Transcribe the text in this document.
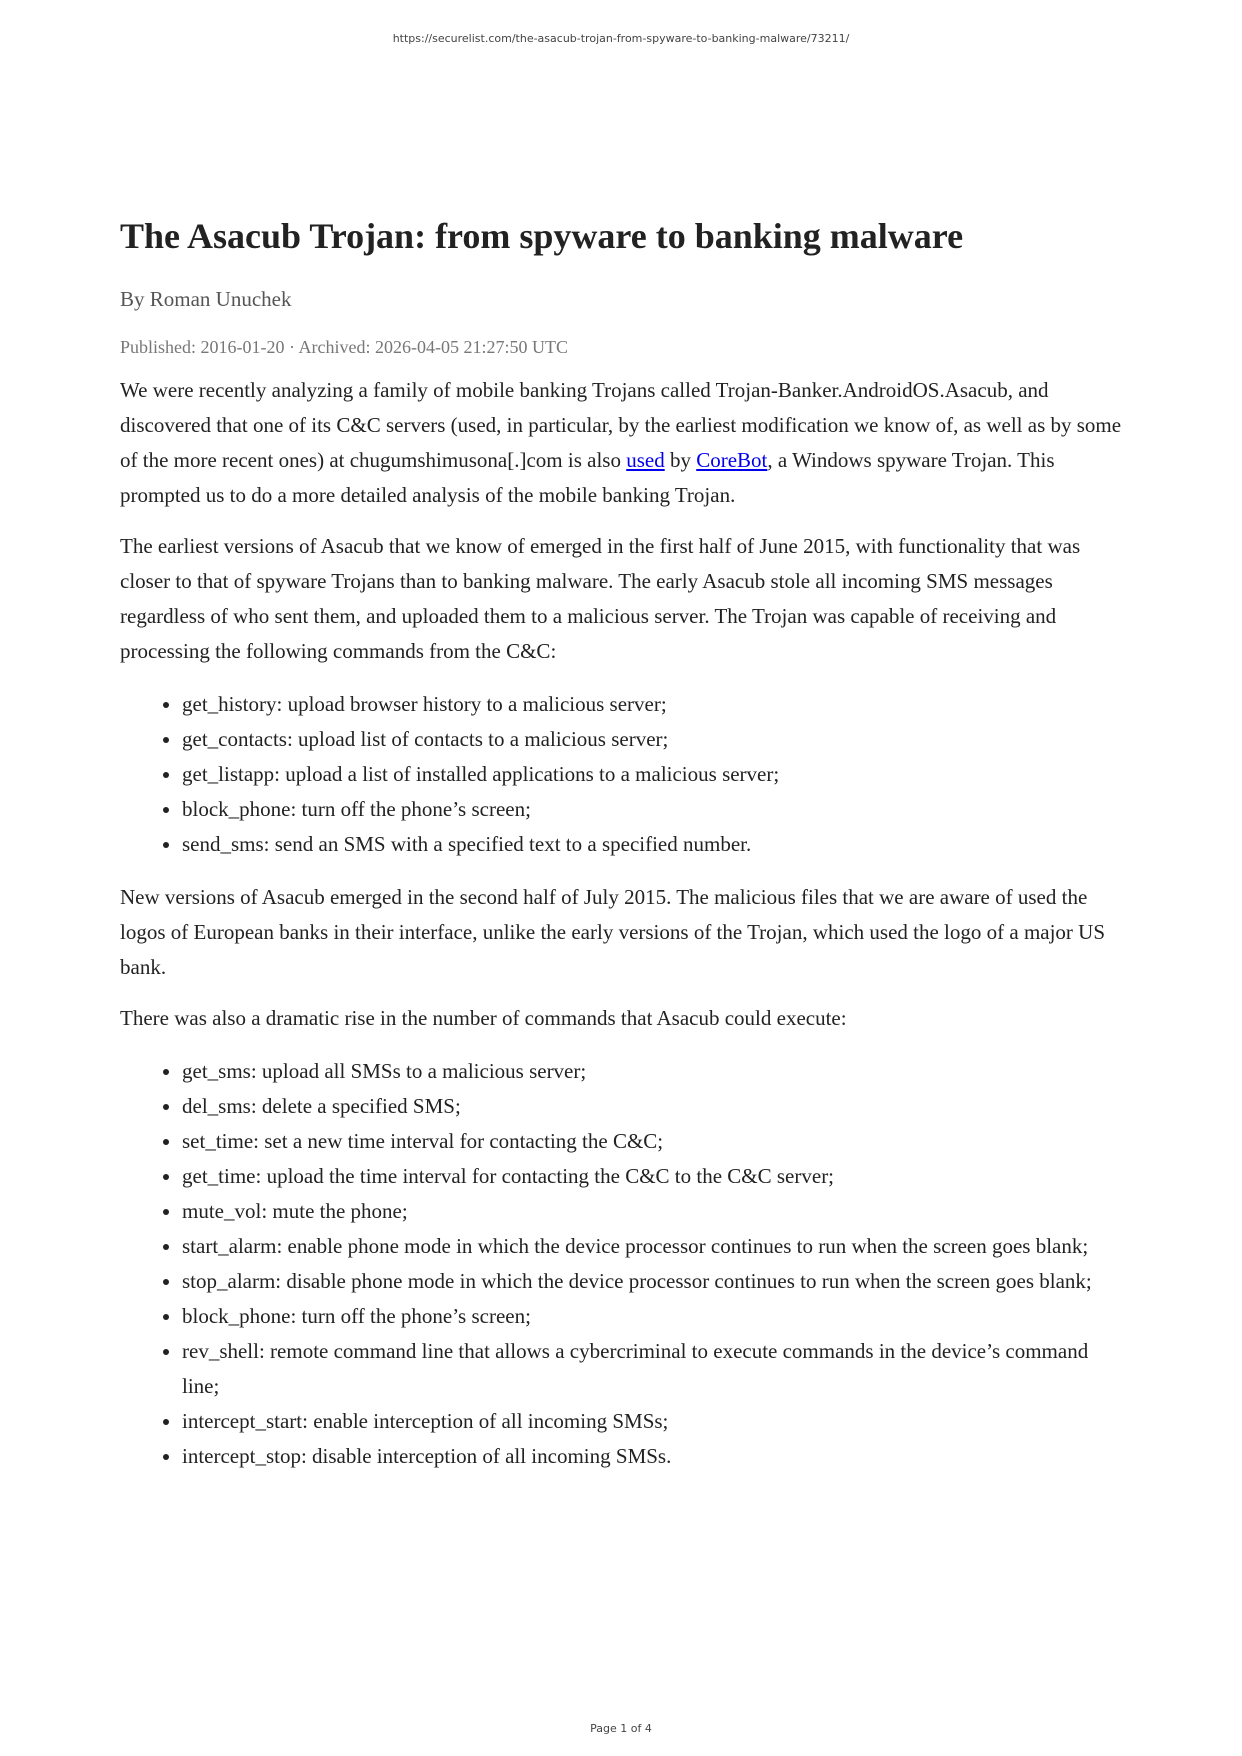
https://securelist.com/the-asacub-trojan-from-spyware-to-banking-malware/73211/
The Asacub Trojan: from spyware to banking malware
By Roman Unuchek
Published: 2016-01-20 · Archived: 2026-04-05 21:27:50 UTC

We were recently analyzing a family of mobile banking Trojans called Trojan-Banker.AndroidOS.Asacub, and discovered that one of its C&C servers (used, in particular, by the earliest modification we know of, as well as by some of the more recent ones) at chugumshimusona[.]com is also used by CoreBot, a Windows spyware Trojan. This prompted us to do a more detailed analysis of the mobile banking Trojan.

The earliest versions of Asacub that we know of emerged in the first half of June 2015, with functionality that was closer to that of spyware Trojans than to banking malware. The early Asacub stole all incoming SMS messages regardless of who sent them, and uploaded them to a malicious server. The Trojan was capable of receiving and processing the following commands from the C&C:

• get_history: upload browser history to a malicious server;
• get_contacts: upload list of contacts to a malicious server;
• get_listapp: upload a list of installed applications to a malicious server;
• block_phone: turn off the phone’s screen;
• send_sms: send an SMS with a specified text to a specified number.

New versions of Asacub emerged in the second half of July 2015. The malicious files that we are aware of used the logos of European banks in their interface, unlike the early versions of the Trojan, which used the logo of a major US bank.

There was also a dramatic rise in the number of commands that Asacub could execute:

• get_sms: upload all SMSs to a malicious server;
• del_sms: delete a specified SMS;
• set_time: set a new time interval for contacting the C&C;
• get_time: upload the time interval for contacting the C&C to the C&C server;
• mute_vol: mute the phone;
• start_alarm: enable phone mode in which the device processor continues to run when the screen goes blank;
• stop_alarm: disable phone mode in which the device processor continues to run when the screen goes blank;
• block_phone: turn off the phone’s screen;
• rev_shell: remote command line that allows a cybercriminal to execute commands in the device’s command line;
• intercept_start: enable interception of all incoming SMSs;
• intercept_stop: disable interception of all incoming SMSs.
Page 1 of 4
